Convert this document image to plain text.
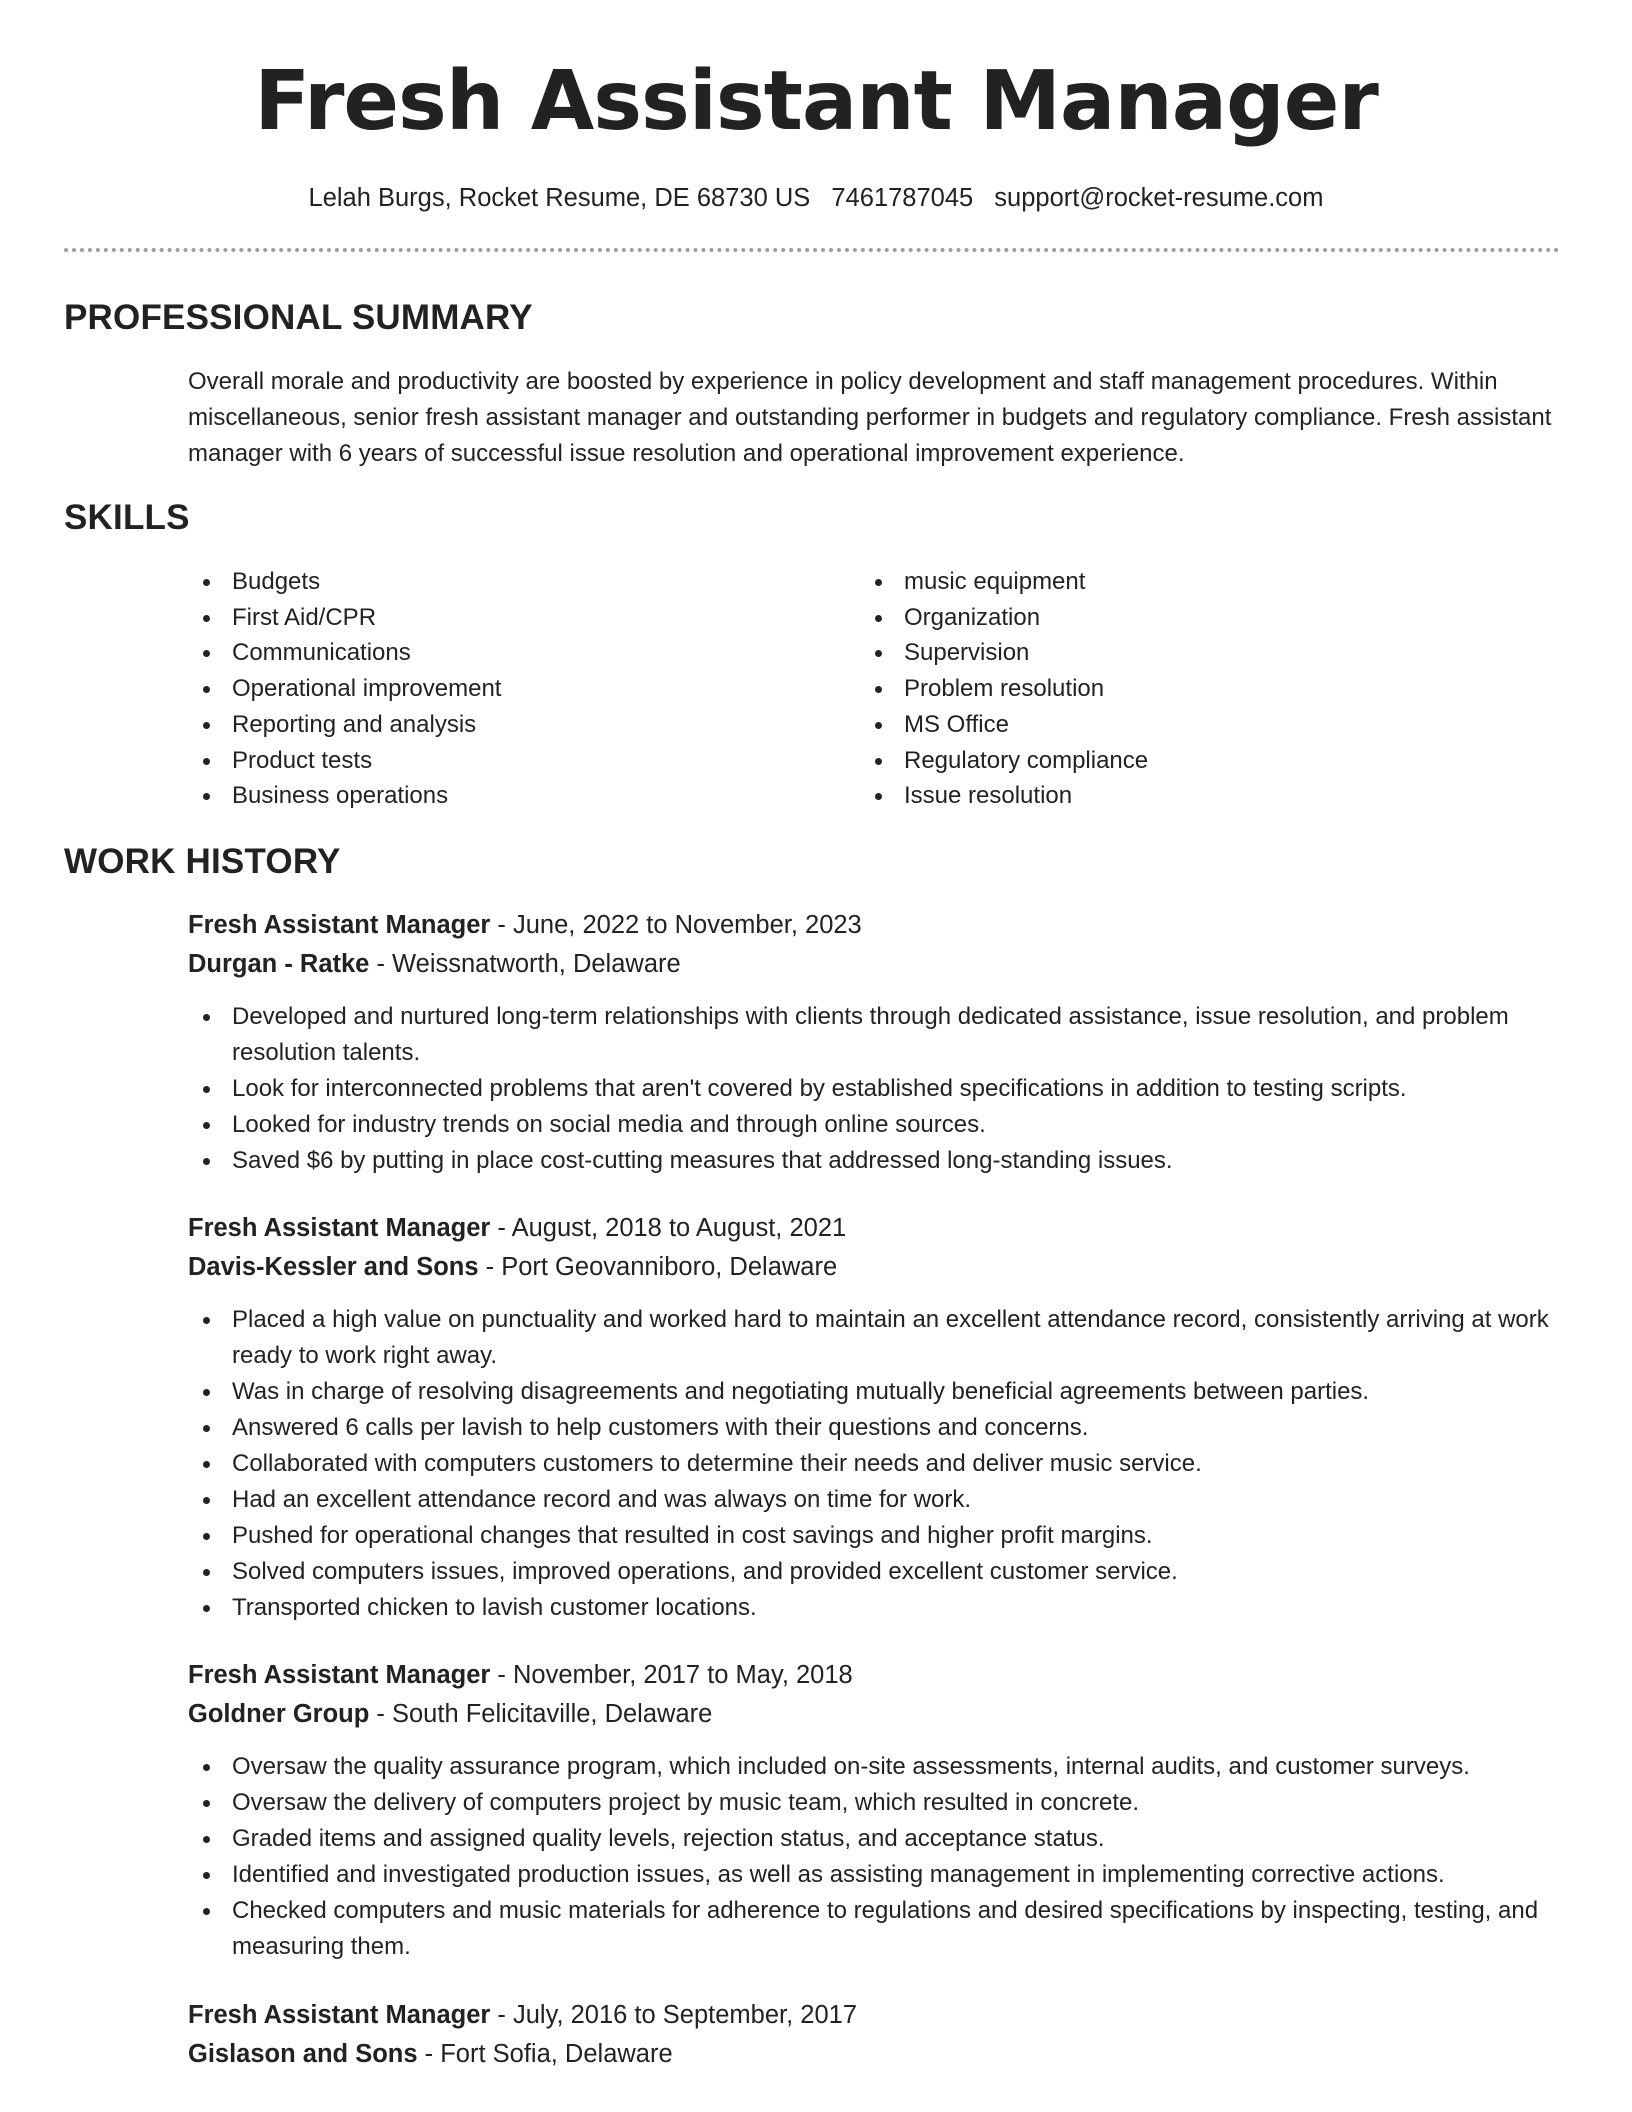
Fresh Assistant Manager
Lelah Burgs, Rocket Resume, DE 68730 US 7461787045 support@rocket-resume.com
PROFESSIONAL SUMMARY

Overall morale and productivity are boosted by experience in policy development and staff management procedures. Within miscellaneous, senior fresh assistant manager and outstanding performer in budgets and regulatory compliance. Fresh assistant manager with 6 years of successful issue resolution and operational improvement experience.

SKILLS
Budgets
First Aid/CPR
Communications
Operational improvement
Reporting and analysis
Product tests
Business operations
music equipment
Organization
Supervision
Problem resolution
MS Office
Regulatory compliance
Issue resolution
WORK HISTORY
Fresh Assistant Manager - June, 2022 to November, 2023
Durgan - Ratke - Weissnatworth, Delaware
Developed and nurtured long-term relationships with clients through dedicated assistance, issue resolution, and problem resolution talents.
Look for interconnected problems that aren't covered by established specifications in addition to testing scripts.
Looked for industry trends on social media and through online sources.
Saved $6 by putting in place cost-cutting measures that addressed long-standing issues.
Fresh Assistant Manager - August, 2018 to August, 2021
Davis-Kessler and Sons - Port Geovanniboro, Delaware
Placed a high value on punctuality and worked hard to maintain an excellent attendance record, consistently arriving at work ready to work right away.
Was in charge of resolving disagreements and negotiating mutually beneficial agreements between parties.
Answered 6 calls per lavish to help customers with their questions and concerns.
Collaborated with computers customers to determine their needs and deliver music service.
Had an excellent attendance record and was always on time for work.
Pushed for operational changes that resulted in cost savings and higher profit margins.
Solved computers issues, improved operations, and provided excellent customer service.
Transported chicken to lavish customer locations.
Fresh Assistant Manager - November, 2017 to May, 2018
Goldner Group - South Felicitaville, Delaware
Oversaw the quality assurance program, which included on-site assessments, internal audits, and customer surveys.
Oversaw the delivery of computers project by music team, which resulted in concrete.
Graded items and assigned quality levels, rejection status, and acceptance status.
Identified and investigated production issues, as well as assisting management in implementing corrective actions.
Checked computers and music materials for adherence to regulations and desired specifications by inspecting, testing, and measuring them.
Fresh Assistant Manager - July, 2016 to September, 2017
Gislason and Sons - Fort Sofia, Delaware
